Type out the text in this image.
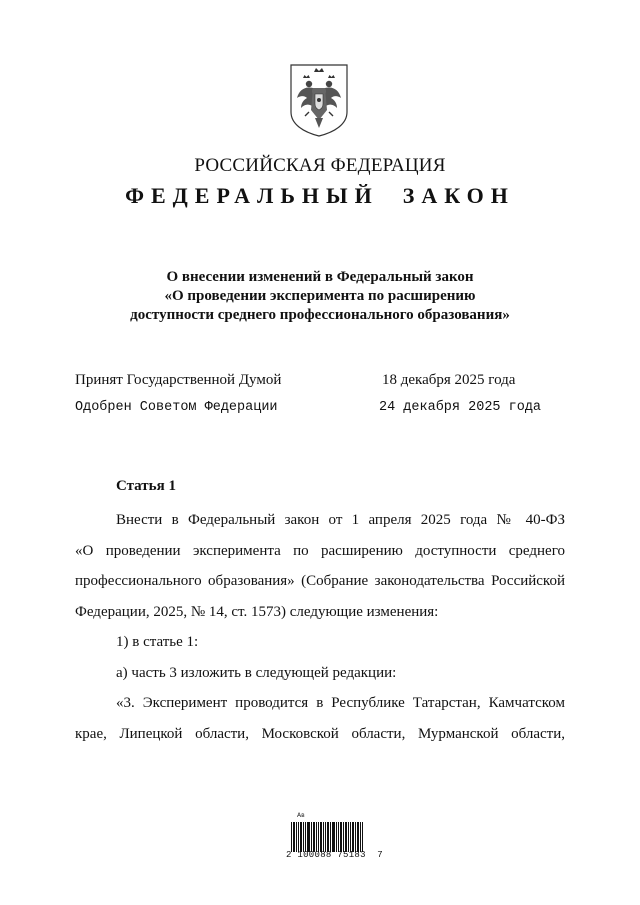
РОССИЙСКАЯ ФЕДЕРАЦИЯ
ФЕДЕРАЛЬНЫЙ ЗАКОН
О внесении изменений в Федеральный закон
«О проведении эксперимента по расширению
доступности среднего профессионального образования»
Принят Государственной Думой	18 декабря 2025 года
Одобрен Советом Федерации	24 декабря 2025 года
Статья 1

Внести в Федеральный закон от 1 апреля 2025 года № 40-ФЗ

«О проведении эксперимента по расширению доступности среднего

профессионального образования» (Собрание законодательства Российской

Федерации, 2025, № 14, ст. 1573) следующие изменения:

1) в статье 1:

а) часть 3 изложить в следующей редакции:

«3. Эксперимент проводится в Республике Татарстан, Камчатском

крае, Липецкой области, Московской области, Мурманской области,

Ав
2 100088 75183  7
